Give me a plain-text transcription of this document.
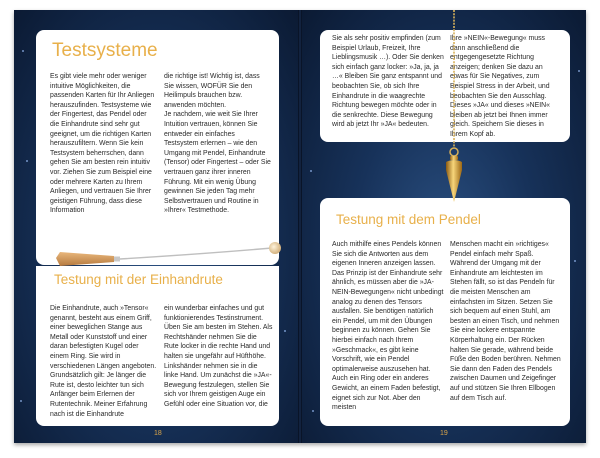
Testsysteme

Es gibt viele mehr oder weniger intuitive Möglichkeiten, die passenden Karten für Ihr Anliegen herauszufinden. Testsysteme wie der Fingertest, das Pendel oder die Einhandrute sind sehr gut geeignet, um die richtigen Karten herauszufiltern. Wenn Sie kein Testsystem beherrschen, dann gehen Sie am besten rein intuitiv vor. Ziehen Sie zum Beispiel eine oder mehrere Karten zu Ihrem Anliegen, und vertrauen Sie Ihrer geistigen Führung, dass diese Information

die richtige ist! Wichtig ist, dass Sie wissen, WOFÜR Sie den Heilimpuls brauchen bzw. anwenden möchten.
Je nachdem, wie weit Sie Ihrer Intuition vertrauen, können Sie entweder ein einfaches Testsystem erlernen – wie den Umgang mit Pendel, Einhandrute (Tensor) oder Fingertest – oder Sie vertrauen ganz ihrer inneren Führung. Mit ein wenig Übung gewinnen Sie jeden Tag mehr Selbstvertrauen und Routine in »Ihrer« Testmethode.

Testung mit der Einhandrute

Die Einhandrute, auch »Tensor« genannt, besteht aus einem Griff, einer beweglichen Stange aus Metall oder Kunststoff und einer daran befestigten Kugel oder einem Ring. Sie wird in verschiedenen Längen angeboten. Grundsätzlich gilt: Je länger die Rute ist, desto leichter tun sich Anfänger beim Erlernen der Rutentechnik. Meiner Erfahrung nach ist die Einhandrute

ein wunderbar einfaches und gut funktionierendes Testinstrument. Üben Sie am besten im Stehen. Als Rechtshänder nehmen Sie die Rute locker in die rechte Hand und halten sie ungefähr auf Hüfthöhe. Linkshänder nehmen sie in die linke Hand. Um zunächst die »JA«-Bewegung festzulegen, stellen Sie sich vor Ihrem geistigen Auge ein Gefühl oder eine Situation vor, die

18

Sie als sehr positiv empfinden (zum Beispiel Urlaub, Freizeit, Ihre Lieblingsmusik …). Oder Sie denken sich einfach ganz locker: »Ja, ja, ja …« Bleiben Sie ganz entspannt und beobachten Sie, ob sich Ihre Einhandrute in die waagrechte Richtung bewegen möchte oder in die senkrechte. Diese Bewegung wird ab jetzt Ihr »JA« bedeuten.

Ihre »NEIN«-Bewegung« muss dann anschließend die entgegengesetzte Richtung anzeigen; denken Sie dazu an etwas für Sie Negatives, zum Beispiel Stress in der Arbeit, und beobachten Sie den Ausschlag. Dieses »JA« und dieses »NEIN« bleiben ab jetzt bei Ihnen immer gleich. Speichern Sie dieses in Ihrem Kopf ab.

Testung mit dem Pendel

Auch mithilfe eines Pendels können Sie sich die Antworten aus dem eigenen Inneren anzeigen lassen. Das Prinzip ist der Einhandrute sehr ähnlich, es müssen aber die »JA-NEIN-Bewegungen« nicht unbedingt analog zu denen des Tensors ausfallen. Sie benötigen natürlich ein Pendel, um mit den Übungen beginnen zu können. Gehen Sie hierbei einfach nach Ihrem »Geschmack«, es gibt keine Vorschrift, wie ein Pendel optimalerweise auszusehen hat. Auch ein Ring oder ein anderes Gewicht, an einem Faden befestigt, eignet sich zur Not. Aber den meisten

Menschen macht ein »richtiges« Pendel einfach mehr Spaß. Während der Umgang mit der Einhandrute am leichtesten im Stehen fällt, so ist das Pendeln für die meisten Menschen am einfachsten im Sitzen. Setzen Sie sich bequem auf einen Stuhl, am besten an einen Tisch, und nehmen Sie eine lockere entspannte Körperhaltung ein. Der Rücken halten Sie gerade, während beide Füße den Boden berühren. Nehmen Sie dann den Faden des Pendels zwischen Daumen und Zeigefinger auf und stützen Sie Ihren Ellbogen auf dem Tisch auf.

19
